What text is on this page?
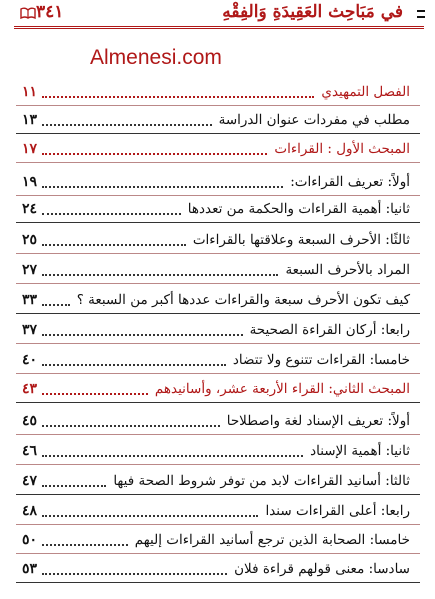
٣٤١	في مَبَاحِث العَقِيدَةِ وَالفِقْهِ
Almenesi.com
الفصل التمهيدي
١١
مطلب في مفردات عنوان الدراسة
١٣
المبحث الأول : القراءات
١٧
أولاً: تعريف القراءات:
١٩
ثانيا: أهمية القراءات والحكمة من تعددها
٢٤
ثالثًا: الأحرف السبعة وعلاقتها بالقراءات
٢٥
المراد بالأحرف السبعة
٢٧
كيف تكون الأحرف سبعة والقراءات عددها أكبر من السبعة ؟
٣٣
رابعا: أركان القراءة الصحيحة
٣٧
خامسا: القراءات تتنوع ولا تتضاد
٤٠
المبحث الثاني: القراء الأربعة عشر، وأسانيدهم
٤٣
أولاً: تعريف الإسناد لغة واصطلاحا
٤٥
ثانيا: أهمية الإسناد
٤٦
ثالثا: أسانيد القراءات لابد من توفر شروط الصحة فيها
٤٧
رابعا: أعلى القراءات سندا
٤٨
خامسا: الصحابة الذين ترجع أسانيد القراءات إليهم
٥٠
سادسا: معنى قولهم قراءة فلان
٥٣
